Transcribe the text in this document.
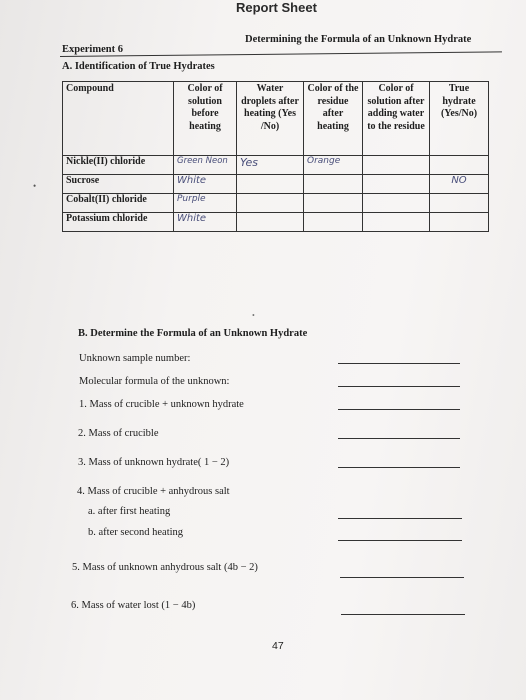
Report Sheet
Experiment 6
Determining the Formula of an Unknown Hydrate
A. Identification of True Hydrates
Compound	Color of solution before heating	Water droplets after heating (Yes /No)	Color of the residue after heating	Color of solution after adding water to the residue	True hydrate (Yes/No)
Nickle(II) chloride	Green Neon	Yes	Orange		
Sucrose	White				NO
Cobalt(II) chloride	Purple				
Potassium chloride	White				
•
•
B. Determine the Formula of an Unknown Hydrate
Unknown sample number:
Molecular formula of the unknown:
1. Mass of crucible + unknown hydrate
2. Mass of crucible
3. Mass of unknown hydrate( 1 − 2)
4. Mass of crucible + anhydrous salt
a. after first heating
b. after second heating
5. Mass of unknown anhydrous salt (4b − 2)
6. Mass of water lost (1 − 4b)
47
